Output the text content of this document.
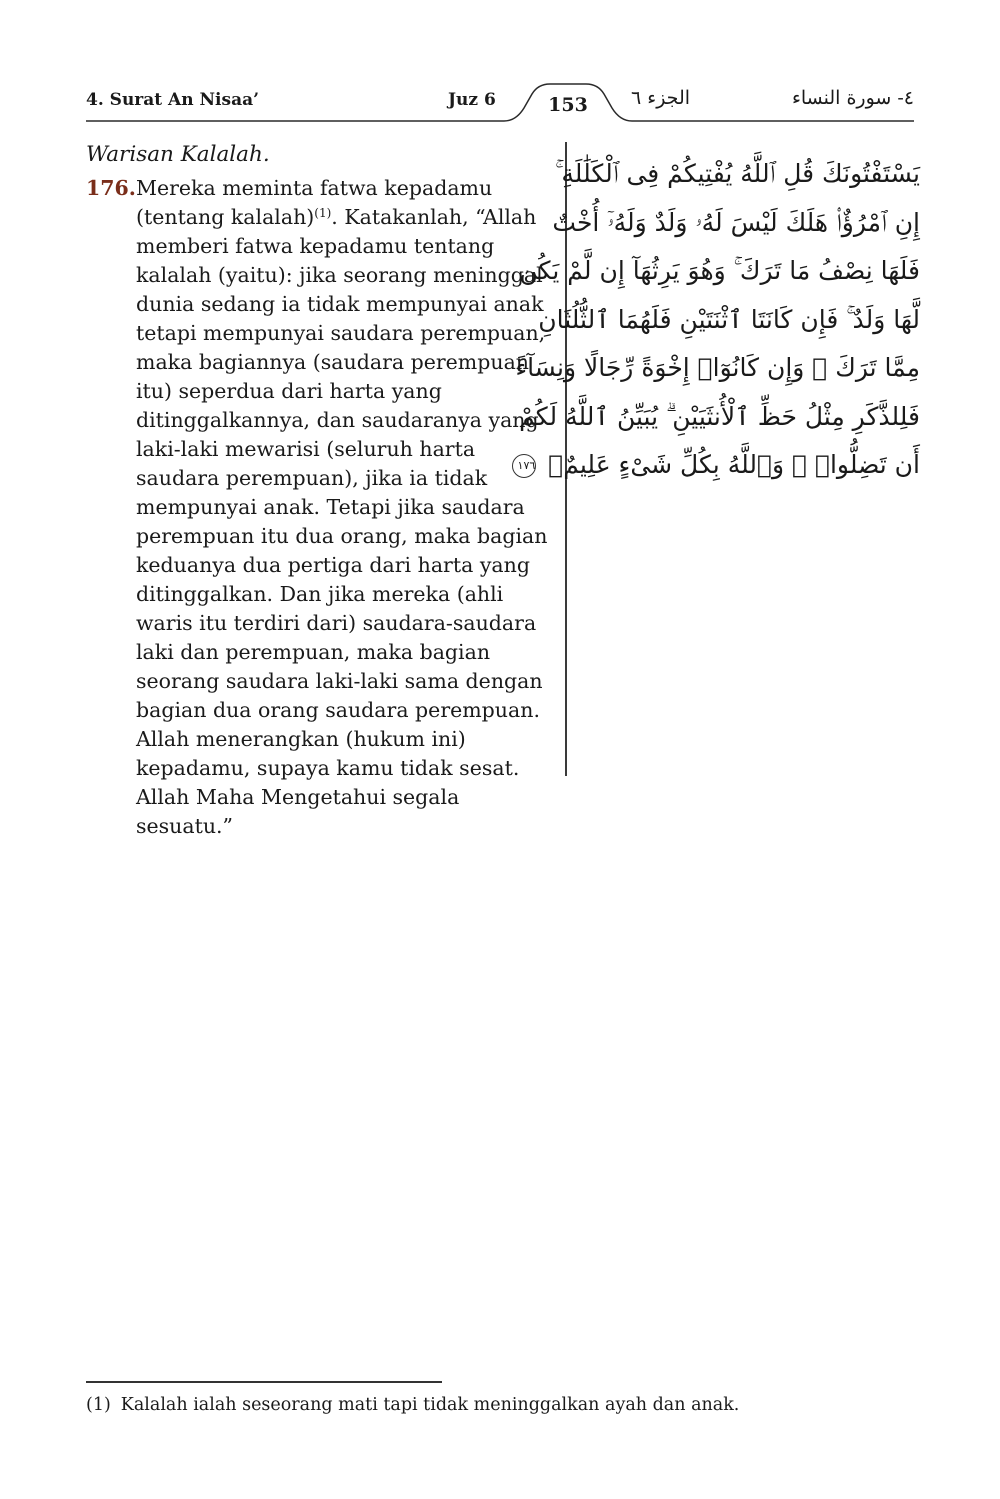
4. Surat An Nisaa’	Juz 6	153	الجزء ٦	٤- سورة النساء

Warisan Kalalah.

176. Mereka meminta fatwa kepadamu (tentang kalalah)$^{(1)}$. Katakanlah, “Allah memberi fatwa kepadamu tentang kalalah (yaitu): jika seorang meninggal dunia sedang ia tidak mempunyai anak tetapi mempunyai saudara perempuan, maka bagiannya (saudara perempuan itu) seperdua dari harta yang ditinggalkannya, dan saudaranya yang laki-laki mewarisi (seluruh harta saudara perempuan), jika ia tidak mempunyai anak. Tetapi jika saudara perempuan itu dua orang, maka bagian keduanya dua pertiga dari harta yang ditinggalkan. Dan jika mereka (ahli waris itu terdiri dari) saudara-saudara laki dan perempuan, maka bagian seorang saudara laki-laki sama dengan bagian dua orang saudara perempuan. Allah menerangkan (hukum ini) kepadamu, supaya kamu tidak sesat. Allah Maha Mengetahui segala sesuatu.”

يَسْتَفْتُونَكَ قُلِ ٱللَّهُ يُفْتِيكُمْ فِى ٱلْكَلَٰلَةِ ۚ
إِنِ ٱمْرُؤٌا۟ هَلَكَ لَيْسَ لَهُۥ وَلَدٌ وَلَهُۥٓ أُخْتٌ
فَلَهَا نِصْفُ مَا تَرَكَ ۚ وَهُوَ يَرِثُهَآ إِن لَّمْ يَكُن
لَّهَا وَلَدٌ ۚ فَإِن كَانَتَا ٱثْنَتَيْنِ فَلَهُمَا ٱلثُّلُثَانِ
مِمَّا تَرَكَ ۚ وَإِن كَانُوٓا۟ إِخْوَةً رِّجَالًا وَنِسَآءً
فَلِلذَّكَرِ مِثْلُ حَظِّ ٱلْأُنثَيَيْنِ ۗ يُبَيِّنُ ٱللَّهُ لَكُمْ
أَن تَضِلُّوا۟ ۗ وَٱللَّهُ بِكُلِّ شَىْءٍ عَلِيمٌۢ ١٧٦
(1) Kalalah ialah seseorang mati tapi tidak meninggalkan ayah dan anak.
